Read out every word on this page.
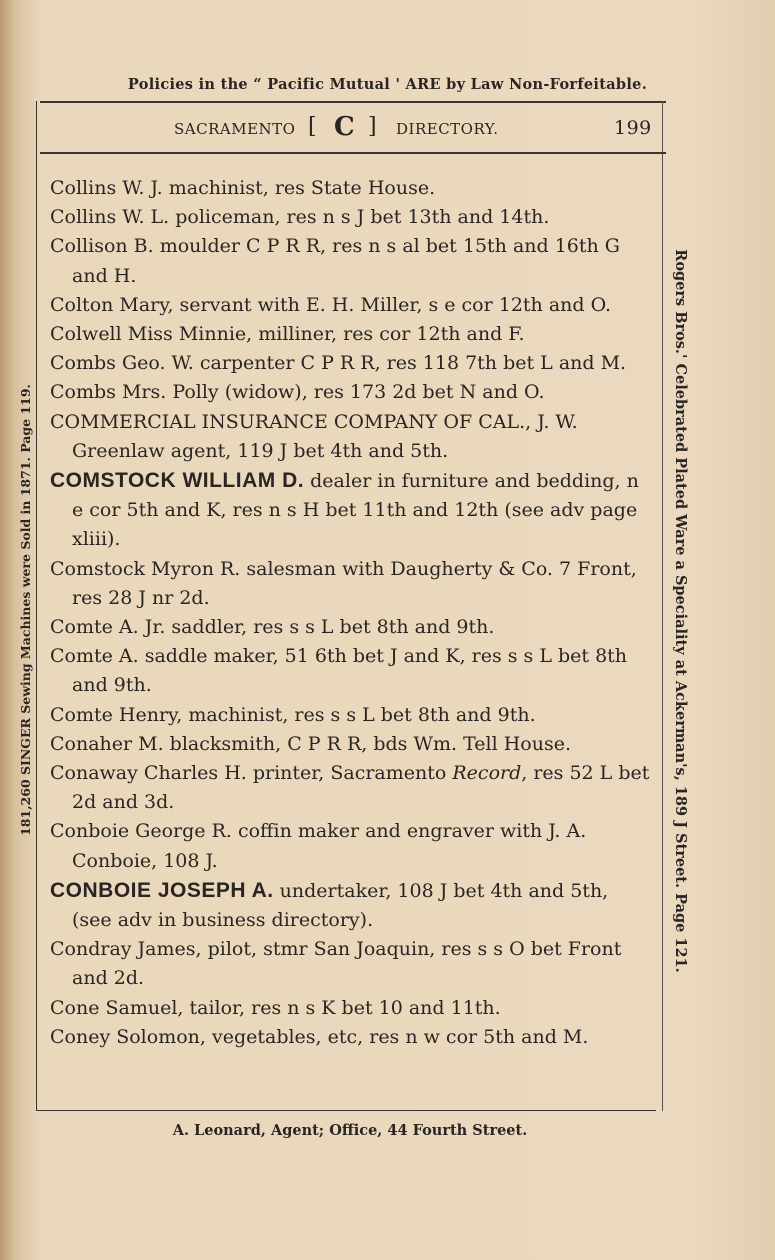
Policies in the “ Pacific Mutual ' ARE by Law Non-Forfeitable.
SACRAMENTO [ C ] DIRECTORY.	199
Collins W. J. machinist, res State House.
Collins W. L. policeman, res n s J bet 13th and 14th.
Collison B. moulder C P R R, res n s al bet 15th and 16th G and H.
Colton Mary, servant with E. H. Miller, s e cor 12th and O.
Colwell Miss Minnie, milliner, res cor 12th and F.
Combs Geo. W. carpenter C P R R, res 118 7th bet L and M.
Combs Mrs. Polly (widow), res 173 2d bet N and O.
COMMERCIAL INSURANCE COMPANY OF CAL., J. W. Greenlaw agent, 119 J bet 4th and 5th.
COMSTOCK WILLIAM D. dealer in furniture and bedding, n e cor 5th and K, res n s H bet 11th and 12th (see adv page xliii).
Comstock Myron R. salesman with Daugherty & Co. 7 Front, res 28 J nr 2d.
Comte A. Jr. saddler, res s s L bet 8th and 9th.
Comte A. saddle maker, 51 6th bet J and K, res s s L bet 8th and 9th.
Comte Henry, machinist, res s s L bet 8th and 9th.
Conaher M. blacksmith, C P R R, bds Wm. Tell House.
Conaway Charles H. printer, Sacramento Record, res 52 L bet 2d and 3d.
Conboie George R. coffin maker and engraver with J. A. Conboie, 108 J.
CONBOIE JOSEPH A. undertaker, 108 J bet 4th and 5th, (see adv in business directory).
Condray James, pilot, stmr San Joaquin, res s s O bet Front and 2d.
Cone Samuel, tailor, res n s K bet 10 and 11th.
Coney Solomon, vegetables, etc, res n w cor 5th and M.
A. Leonard, Agent; Office, 44 Fourth Street.
181,260 SINGER Sewing Machines were Sold in 1871. Page 119.	Rogers Bros.' Celebrated Plated Ware a Speciality at Ackerman's, 189 J Street. Page 121.
